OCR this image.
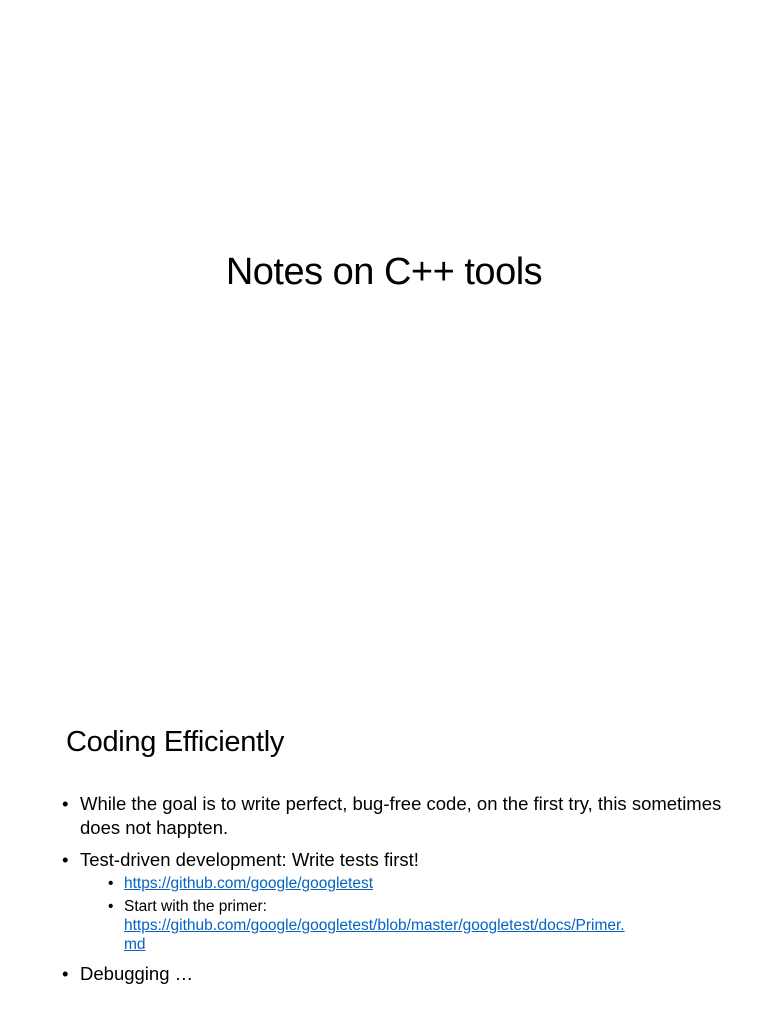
Notes on C++ tools
Coding Efficiently
• While the goal is to write perfect, bug-free code, on the first try, this sometimes does not happten.
• Test-driven development: Write tests first!
• https://github.com/google/googletest
• Start with the primer:
https://github.com/google/googletest/blob/master/googletest/docs/Primer.
md
• Debugging …
